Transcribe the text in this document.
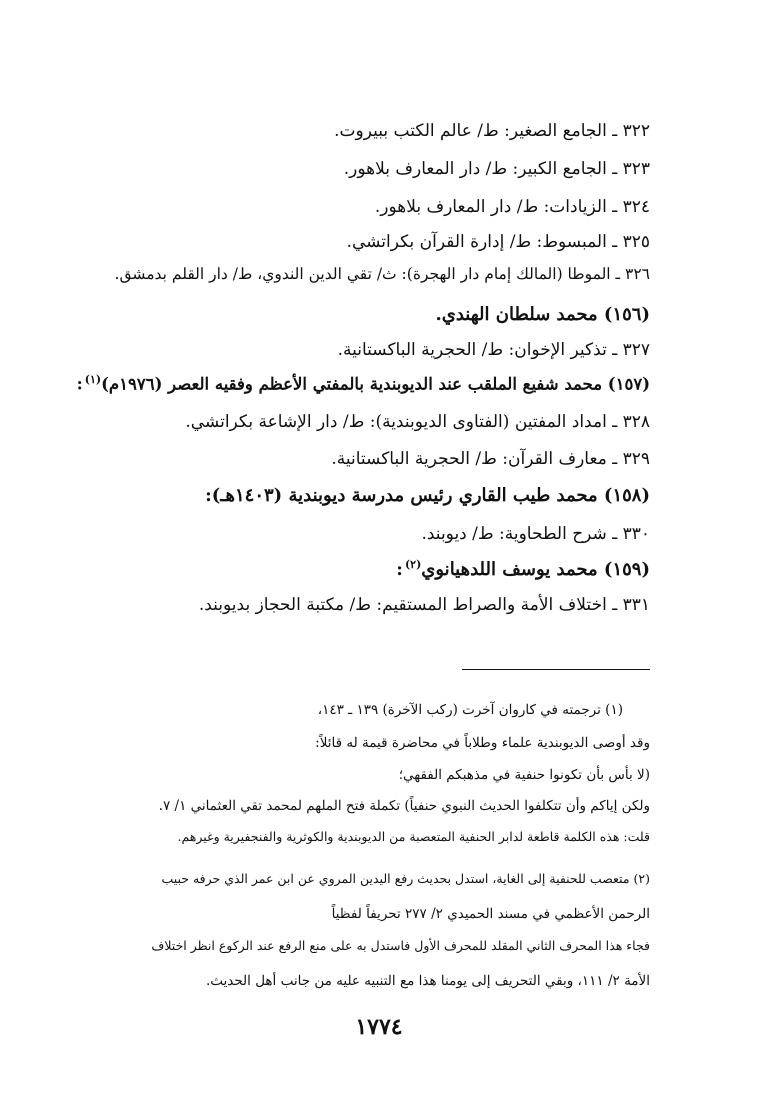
٣٢٢ ـ الجامع الصغير: ط/ عالم الكتب ببيروت.
٣٢٣ ـ الجامع الكبير: ط/ دار المعارف بلاهور.
٣٢٤ ـ الزيادات: ط/ دار المعارف بلاهور.
٣٢٥ ـ المبسوط: ط/ إدارة القرآن بكراتشي.
٣٢٦ ـ الموطا (المالك إمام دار الهجرة): ث/ تقي الدين الندوي، ط/ دار القلم بدمشق.
(١٥٦) محمد سلطان الهندي.
٣٢٧ ـ تذكير الإخوان: ط/ الحجرية الباكستانية.
(١٥٧) محمد شفيع الملقب عند الديوبندية بالمفتي الأعظم وفقيه العصر (١٩٧٦م)$^{(١)}$:
٣٢٨ ـ امداد المفتين (الفتاوى الديوبندية): ط/ دار الإشاعة بكراتشي.
٣٢٩ ـ معارف القرآن: ط/ الحجرية الباكستانية.
(١٥٨) محمد طيب القاري رئيس مدرسة ديوبندية (١٤٠٣هـ):
٣٣٠ ـ شرح الطحاوية: ط/ ديوبند.
(١٥٩) محمد يوسف اللدهيانوي$^{(٢)}$:
٣٣١ ـ اختلاف الأمة والصراط المستقيم: ط/ مكتبة الحجاز بديوبند.
(١) ترجمته في كاروان آخرت (ركب الآخرة) ١٣٩ ـ ١٤٣،
وقد أوصى الديوبندية علماء وطلاباً في محاضرة قيمة له قائلاً:
(لا بأس بأن تكونوا حنفية في مذهبكم الفقهي؛
ولكن إياكم وأن تتكلفوا الحديث النبوي حنفياً) تكملة فتح الملهم لمحمد تقي العثماني ١/ ٧.
قلت: هذه الكلمة قاطعة لدابر الحنفية المتعصبة من الديوبندية والكوثرية والفنجفيرية وغيرهم.
(٢) متعصب للحنفية إلى الغاية، استدل بحديث رفع اليدين المروي عن ابن عمر الذي حرفه حبيب
الرحمن الأعظمي في مسند الحميدي ٢/ ٢٧٧ تحريفاً لفظياً
فجاء هذا المحرف الثاني المقلد للمحرف الأول فاستدل به على منع الرفع عند الركوع انظر اختلاف
الأمة ٢/ ١١١، وبقي التحريف إلى يومنا هذا مع التنبيه عليه من جانب أهل الحديث.
١٧٧٤
